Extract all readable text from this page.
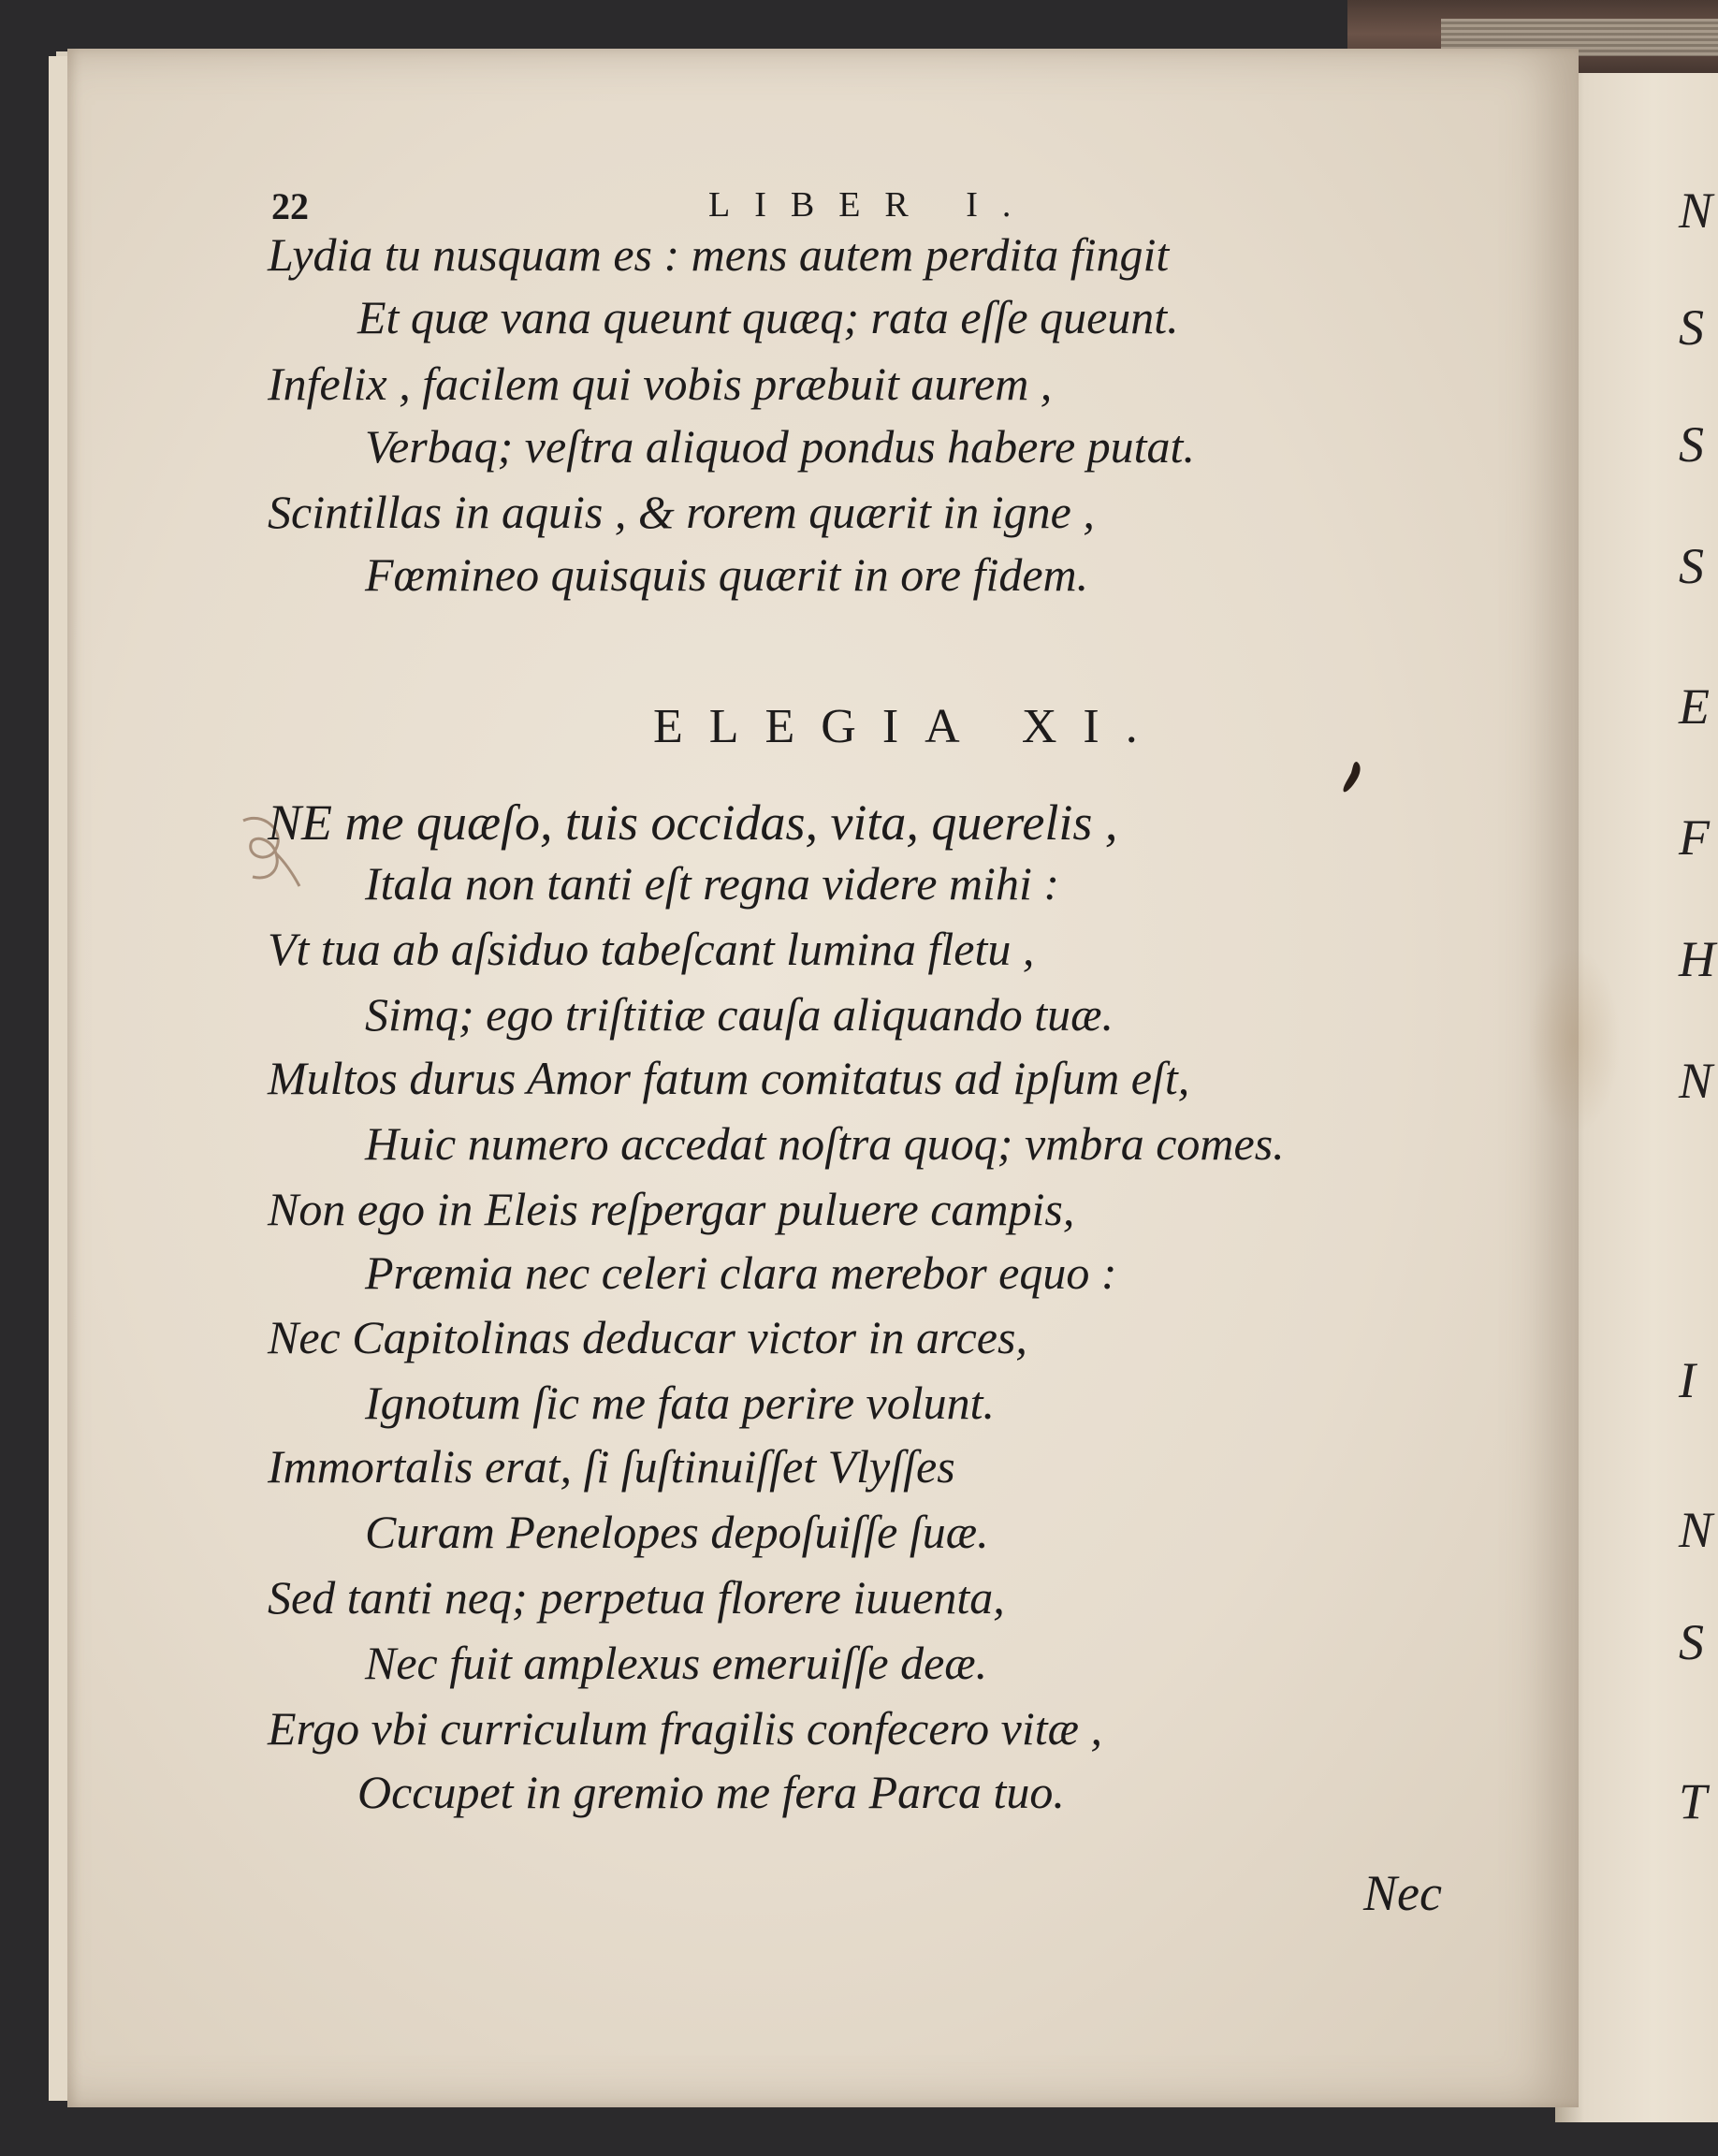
N
S
S
S
E
F
H
N
I
N
S
T
22	LIBER I.
Lydia tu nusquam es : mens autem perdita fingit
Et quæ vana queunt quæq; rata eſſe queunt.
Infelix , facilem qui vobis præbuit aurem ,
Verbaq; veſtra aliquod pondus habere putat.
Scintillas in aquis , & rorem quærit in igne ,
Fœmineo quisquis quærit in ore fidem.
ELEGIA XI.
NE me quæſo, tuis occidas, vita, querelis ,
Itala non tanti eſt regna videre mihi :
Vt tua ab aſsiduo tabeſcant lumina fletu ,
Simq; ego triſtitiæ cauſa aliquando tuæ.
Multos durus Amor fatum comitatus ad ipſum eſt,
Huic numero accedat noſtra quoq; vmbra comes.
Non ego in Eleis reſpergar puluere campis,
Præmia nec celeri clara merebor equo :
Nec Capitolinas deducar victor in arces,
Ignotum ſic me fata perire volunt.
Immortalis erat, ſi ſuſtinuiſſet Vlyſſes
Curam Penelopes depoſuiſſe ſuæ.
Sed tanti neq; perpetua florere iuuenta,
Nec fuit amplexus emeruiſſe deæ.
Ergo vbi curriculum fragilis confecero vitæ ,
Occupet in gremio me fera Parca tuo.
Nec
